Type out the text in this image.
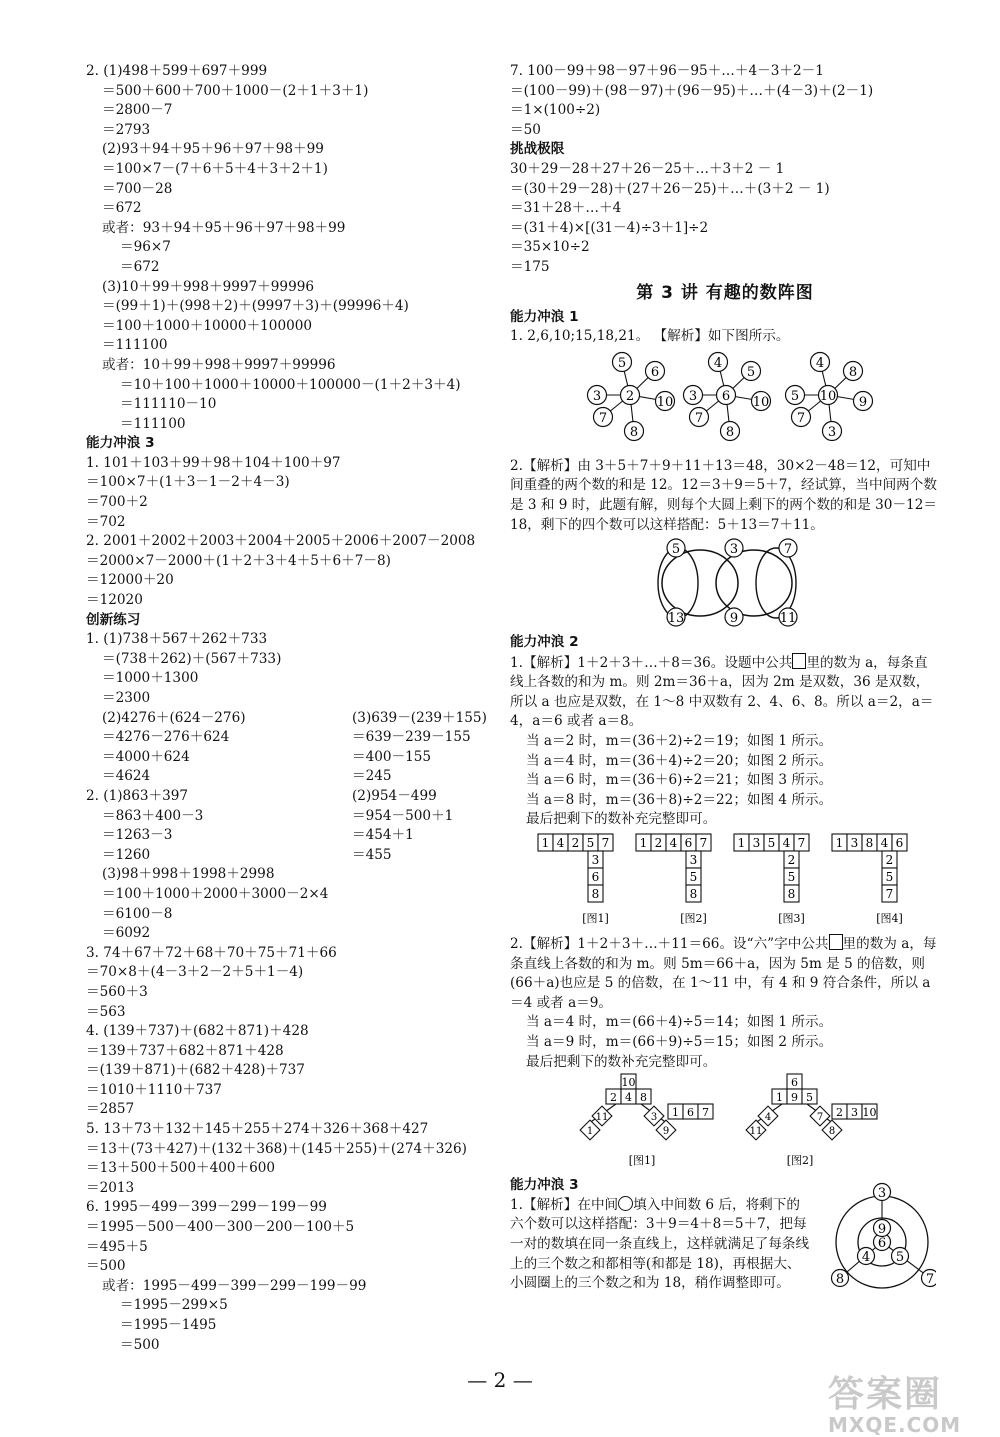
2. (1)498＋599＋697＋999
＝500＋600＋700＋1000－(2＋1＋3＋1)
＝2800－7
＝2793
(2)93＋94＋95＋96＋97＋98＋99
＝100×7－(7＋6＋5＋4＋3＋2＋1)
＝700－28
＝672
或者：93＋94＋95＋96＋97＋98＋99
＝96×7
＝672
(3)10＋99＋998＋9997＋99996
＝(99＋1)＋(998＋2)＋(9997＋3)＋(99996＋4)
＝100＋1000＋10000＋100000
＝111100
或者：10＋99＋998＋9997＋99996
＝10＋100＋1000＋10000＋100000－(1＋2＋3＋4)
＝111110－10
＝111100
能力冲浪 3
1. 101＋103＋99＋98＋104＋100＋97
＝100×7＋(1＋3－1－2＋4－3)
＝700＋2
＝702
2. 2001＋2002＋2003＋2004＋2005＋2006＋2007－2008
＝2000×7－2000＋(1＋2＋3＋4＋5＋6＋7－8)
＝12000＋20
＝12020
创新练习
1. (1)738＋567＋262＋733
＝(738＋262)＋(567＋733)
＝1000＋1300
＝2300
(2)4276＋(624－276)
＝4276－276＋624
＝4000＋624
＝4624
(3)639－(239＋155)
＝639－239－155
＝400－155
＝245
2. (1)863＋397
＝863＋400－3
＝1263－3
＝1260
(2)954－499
＝954－500＋1
＝454＋1
＝455
(3)98＋998＋1998＋2998
＝100＋1000＋2000＋3000－2×4
＝6100－8
＝6092
3. 74＋67＋72＋68＋70＋75＋71＋66
＝70×8＋(4－3＋2－2＋5＋1－4)
＝560＋3
＝563
4. (139＋737)＋(682＋871)＋428
＝139＋737＋682＋871＋428
＝(139＋871)＋(682＋428)＋737
＝1010＋1110＋737
＝2857
5. 13＋73＋132＋145＋255＋274＋326＋368＋427
＝13＋(73＋427)＋(132＋368)＋(145＋255)＋(274＋326)
＝13＋500＋500＋400＋600
＝2013
6. 1995－499－399－299－199－99
＝1995－500－400－300－200－100＋5
＝495＋5
＝500
或者：1995－499－399－299－199－99
＝1995－299×5
＝1995－1495
＝500
7. 100－99＋98－97＋96－95＋…＋4－3＋2－1
＝(100－99)＋(98－97)＋(96－95)＋…＋(4－3)＋(2－1)
＝1×(100÷2)
＝50
挑战极限
30＋29－28＋27＋26－25＋…＋3＋2 － 1
＝(30＋29－28)＋(27＋26－25)＋…＋(3＋2 － 1)
＝31＋28＋…＋4
＝(31＋4)×[(31－4)÷3＋1]÷2
＝35×10÷2
＝175
第 3 讲 有趣的数阵图
能力冲浪 1
1. 2,6,10;15,18,21。 【解析】如下图所示。
2
5
6
10
8
7
3	6
4
5
10
8
7
3	10
4
8
9
3
7
5
2.【解析】由 3＋5＋7＋9＋11＋13＝48，30×2－48＝12，可知中间重叠的两个数的和是 12。12＝3＋9＝5＋7，经试算，当中间两个数是 3 和 9 时，此题有解，则每个大圆上剩下的两个数的和是 30－12＝18，剩下的四个数可以这样搭配：5＋13＝7＋11。
5	3	7
13	9	11
能力冲浪 2
1.【解析】1＋2＋3＋…＋8＝36。设题中公共 里的数为 a，每条直线上各数的和为 m。则 2m＝36＋a，因为 2m 是双数，36 是双数，所以 a 也应是双数，在 1～8 中双数有 2、4、6、8。所以 a＝2，a＝4，a＝6 或者 a＝8。
当 a＝2 时，m＝(36＋2)÷2＝19；如图 1 所示。
当 a＝4 时，m＝(36＋4)÷2＝20；如图 2 所示。
当 a＝6 时，m＝(36＋6)÷2＝21；如图 3 所示。
当 a＝8 时，m＝(36＋8)÷2＝22；如图 4 所示。
最后把剩下的数补充完整即可。
1 4 2 5 7
3
6
8
[图1]
1 2 4 6 7
3
5
8
[图2]
1 3 5 4 7
2
5
8
[图3]
1 3 8 4 6
2
5
7
[图4]
2.【解析】1＋2＋3＋…＋11＝66。设“六”字中公共 里的数为 a，每条直线上各数的和为 m。则 5m＝66＋a，因为 5m 是 5 的倍数，则(66＋a)也应是 5 的倍数，在 1～11 中，有 4 和 9 符合条件，所以 a＝4 或者 a＝9。
当 a＝4 时，m＝(66＋4)÷5＝14；如图 1 所示。
当 a＝9 时，m＝(66＋9)÷5＝15；如图 2 所示。
最后把剩下的数补充完整即可。
10
2 4 8
11
1
3
9
1 6 7
6
1 9 5
4
11
7
8
2 3 10
[图1]	[图2]
能力冲浪 3
1.【解析】在中间 填入中间数 6 后，将剩下的六个数可以这样搭配：3＋9＝4＋8＝5＋7，把每一对的数填在同一条直线上，这样就满足了每条线上的三个数之和都相等(和都是 18)，再根据大、小圆圈上的三个数之和为 18，稍作调整即可。
6
9
4 5
3
8	7
— 2 —	答案圈
MXQE.COM
